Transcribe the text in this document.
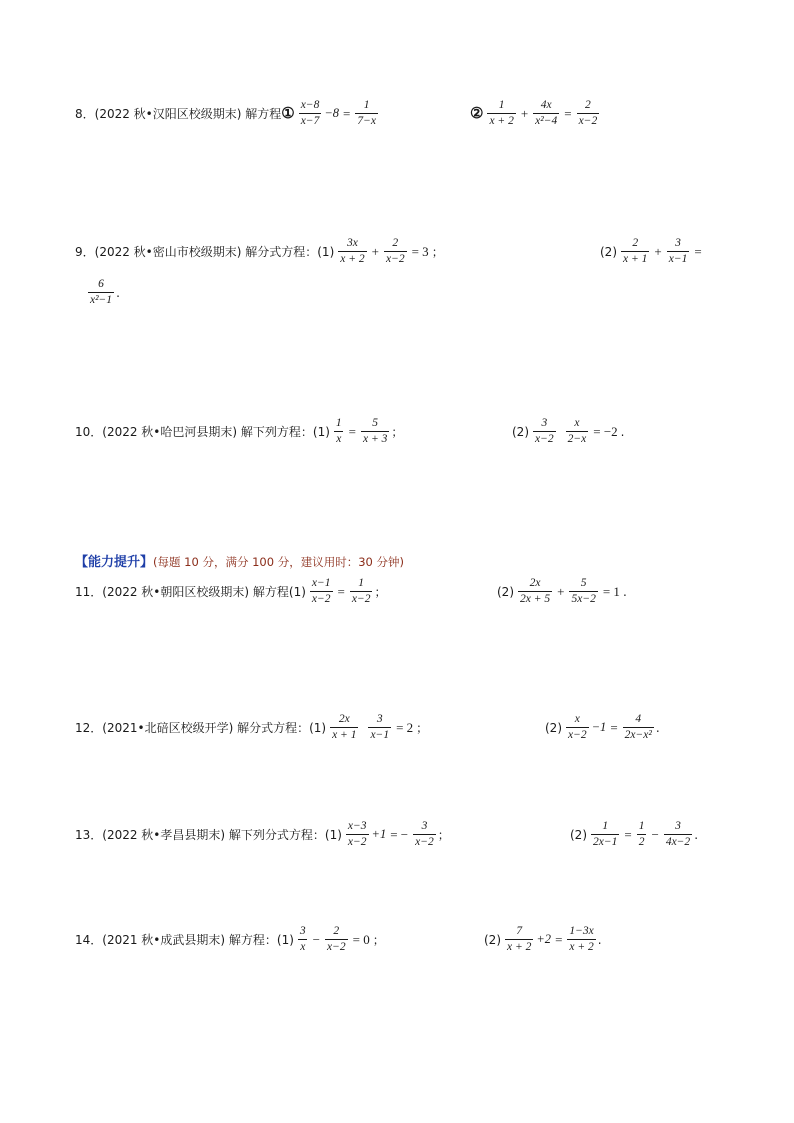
8．(2022 秋•汉阳区校级期末) 解方程 ① $\frac{x-8}{x-7} -8 = \frac{1}{7-x}$	② $\frac{1}{x + 2} + \frac{4x}{\text{x²−4}} = \frac{2}{x-2}$
9．(2022 秋•密山市校级期末) 解分式方程： $(1) \frac{3x}{x + 2} + \frac{2}{x-2} = 3$ ；	$(2) \frac{2}{x + 1} + \frac{3}{x-1}$ =
$\frac{6}{\text{x²−1}}$ .
10．(2022 秋•哈巴河县期末) 解下列方程： $(1) \frac{1}{x} = \frac{5}{x + 3}$ ；	$(2) \frac{3}{x-2} \frac{x}{2-x} = -2$ .
【能力提升】(每题 10 分，满分 100 分，建议用时：30 分钟)
11．(2022 秋•朝阳区校级期末) 解方程 $(1) \frac{x-1}{x-2} = \frac{1}{x-2}$ ；	$(2) \frac{2x}{2x + 5} + \frac{5}{5x-2} = 1$ .
12．(2021•北碚区校级开学) 解分式方程： $(1) \frac{2x}{x + 1} \frac{3}{x-1} = 2$ ；	$(2) \frac{x}{x-2} -1 = \frac{4}{\text{2x−x²}}$ .
13．(2022 秋•孝昌县期末) 解下列分式方程： $(1) \frac{x-3}{x-2} +1$ = − $\frac{3}{x-2}$ ；	$(2) \frac{1}{2x-1} = \frac{1}{2} - \frac{3}{4x-2}$ .
14．(2021 秋•成武县期末) 解方程： $(1) \frac{3}{x} - \frac{2}{x-2} = 0$ ；	$(2) \frac{7}{x + 2} +2 = \frac{1-3x}{x + 2}$ .
